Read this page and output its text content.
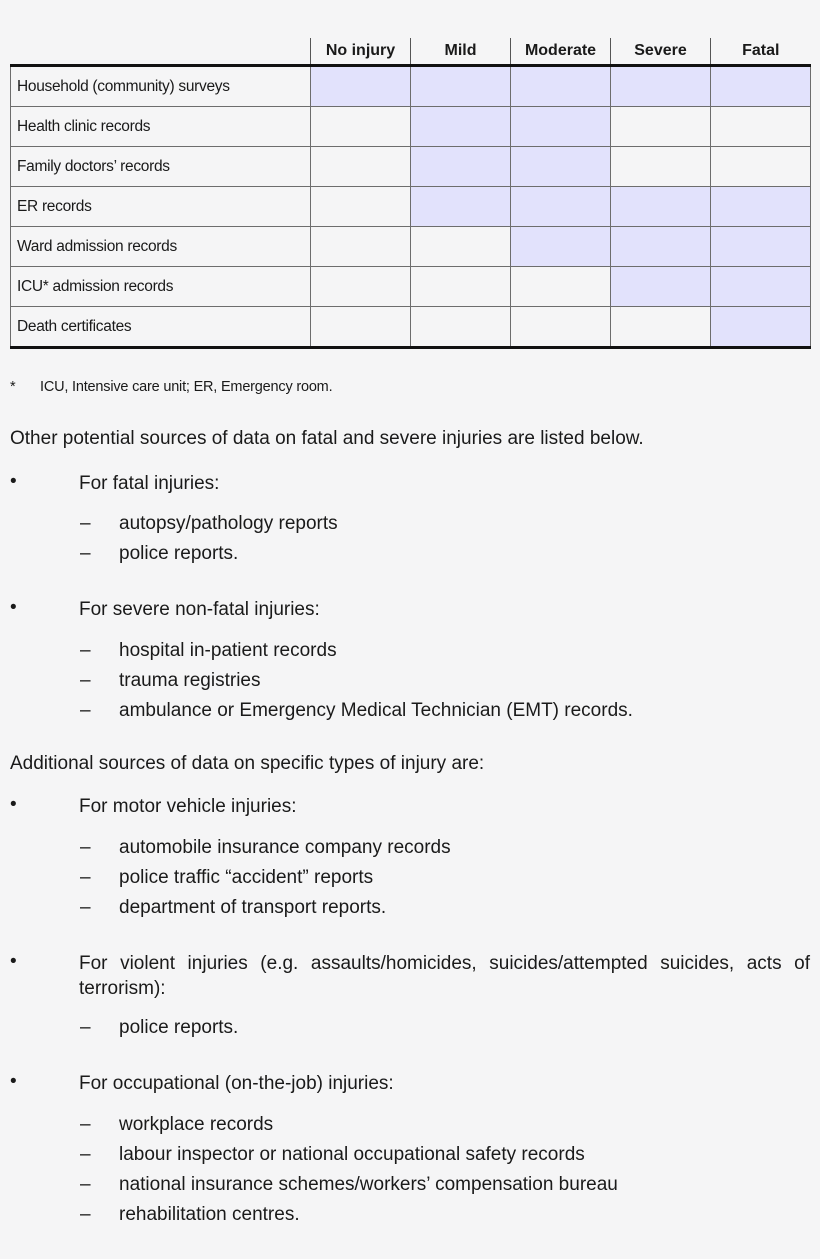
	No injury	Mild	Moderate	Severe	Fatal
Household (community) surveys					
Health clinic records					
Family doctors’ records					
ER records					
Ward admission records					
ICU* admission records					
Death certificates					
* ICU, Intensive care unit; ER, Emergency room.
Other potential sources of data on fatal and severe injuries are listed below.
Additional sources of data on specific types of injury are:
•	For fatal injuries:
– autopsy/pathology reports
– police reports.
•	For severe non-fatal injuries:
– hospital in-patient records
– trauma registries
– ambulance or Emergency Medical Technician (EMT) records.
•	For motor vehicle injuries:
– automobile insurance company records
– police traffic “accident” reports
– department of transport reports.
•	For violent injuries (e.g. assaults/homicides, suicides/attempted suicides, acts of terrorism):
– police reports.
•	For occupational (on-the-job) injuries:
– workplace records
– labour inspector or national occupational safety records
– national insurance schemes/workers’ compensation bureau
– rehabilitation centres.
